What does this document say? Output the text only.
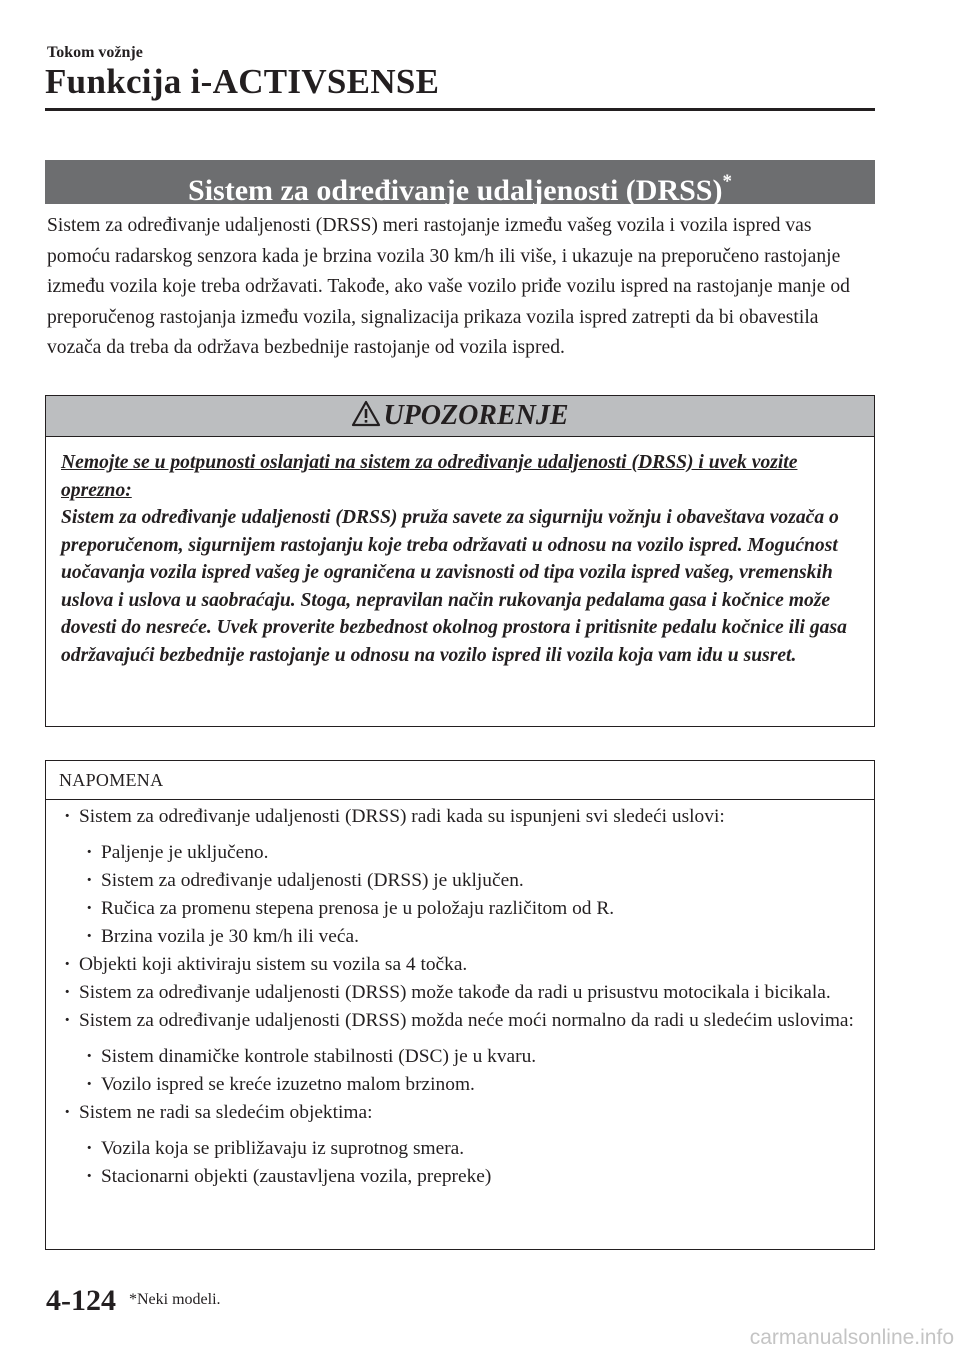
Tokom vožnje
Funkcija i-ACTIVSENSE
Sistem za određivanje udaljenosti (DRSS)*

Sistem za određivanje udaljenosti (DRSS) meri rastojanje između vašeg vozila i vozila ispred vas pomoću radarskog senzora kada je brzina vozila 30 km/h ili više, i ukazuje na preporučeno rastojanje između vozila koje treba održavati. Takođe, ako vaše vozilo priđe vozilu ispred na rastojanje manje od preporučenog rastojanja između vozila, signalizacija prikaza vozila ispred zatrepti da bi obavestila vozača da treba da održava bezbednije rastojanje od vozila ispred.

UPOZORENJE

Nemojte se u potpunosti oslanjati na sistem za određivanje udaljenosti (DRSS) i uvek vozite oprezno:

Sistem za određivanje udaljenosti (DRSS) pruža savete za sigurniju vožnju i obaveštava vozača o preporučenom, sigurnijem rastojanju koje treba održavati u odnosu na vozilo ispred. Mogućnost uočavanja vozila ispred vašeg je ograničena u zavisnosti od tipa vozila ispred vašeg, vremenskih uslova i uslova u saobraćaju. Stoga, nepravilan način rukovanja pedalama gasa i kočnice može dovesti do nesreće. Uvek proverite bezbednost okolnog prostora i pritisnite pedalu kočnice ili gasa održavajući bezbednije rastojanje u odnosu na vozilo ispred ili vozila koja vam idu u susret.

NAPOMENA
· Sistem za određivanje udaljenosti (DRSS) radi kada su ispunjeni svi sledeći uslovi:
· Paljenje je uključeno.
· Sistem za određivanje udaljenosti (DRSS) je uključen.
· Ručica za promenu stepena prenosa je u položaju različitom od R.
· Brzina vozila je 30 km/h ili veća.
· Objekti koji aktiviraju sistem su vozila sa 4 točka.
· Sistem za određivanje udaljenosti (DRSS) može takođe da radi u prisustvu motocikala i bicikala.
· Sistem za određivanje udaljenosti (DRSS) možda neće moći normalno da radi u sledećim uslovima:
· Sistem dinamičke kontrole stabilnosti (DSC) je u kvaru.
· Vozilo ispred se kreće izuzetno malom brzinom.
· Sistem ne radi sa sledećim objektima:
· Vozila koja se približavaju iz suprotnog smera.
· Stacionarni objekti (zaustavljena vozila, prepreke)
4-124 *Neki modeli.
carmanualsonline.info
